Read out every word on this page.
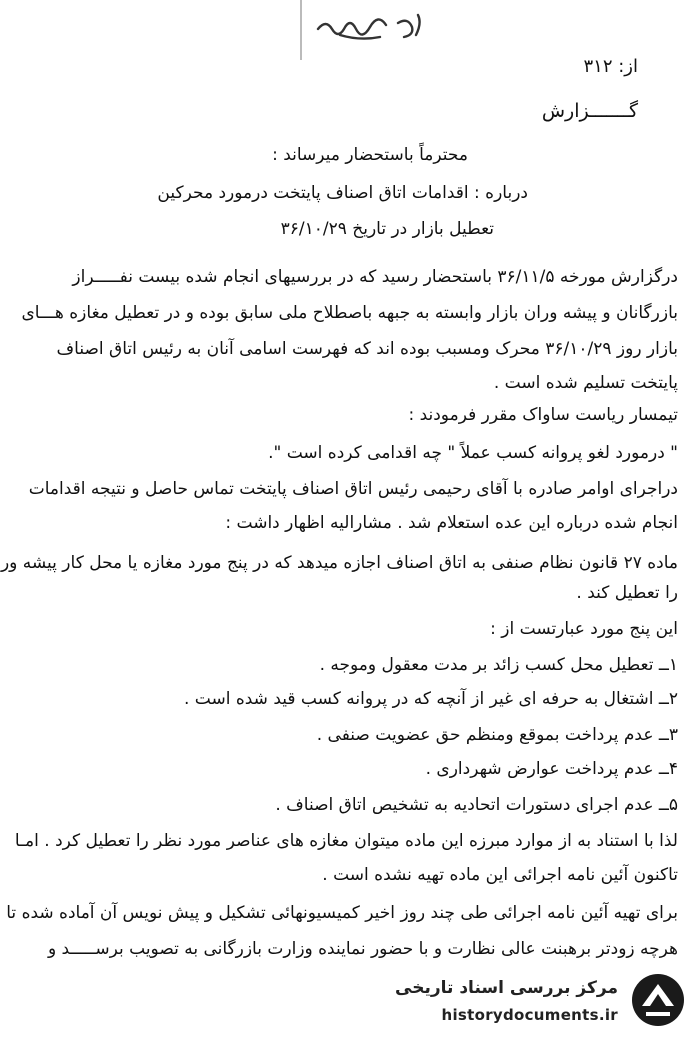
از: ۳۱۲
گـــــــزارش
محترماً باستحضار میرساند :
درباره : اقدامات اتاق اصناف پایتخت درمورد محرکین
تعطیل بازار در تاریخ ۳۶/۱۰/۲۹
درگزارش مورخه ۳۶/۱۱/۵ باستحضار رسید که در بررسیهای انجام شده بیست نفـــــراز
بازرگانان و پیشه وران بازار وابسته به جبهه باصطلاح ملی سابق بوده و در تعطیل مغازه هـــای
بازار روز ۳۶/۱۰/۲۹ محرک ومسبب بوده اند که فهرست اسامی آنان به رئیس اتاق اصناف
پایتخت تسلیم شده است .
تیمسار ریاست ساواک مقرر فرمودند :
" درمورد لغو پروانه کسب عملاً " چه اقدامی کرده است ".
دراجرای اوامر صادره با آقای رحیمی رئیس اتاق اصناف پایتخت تماس حاصل و نتیجه اقدامات
انجام شده درباره این عده استعلام شد . مشارالیه اظهار داشت :
ماده ۲۷ قانون نظام صنفی به اتاق اصناف اجازه میدهد که در پنج مورد مغازه یا محل کار پیشه ور
را تعطیل کند .
این پنج مورد عبارتست از :
۱ــ تعطیل محل کسب زائد بر مدت معقول وموجه .
۲ــ اشتغال به حرفه ای غیر از آنچه که در پروانه کسب قید شده است .
۳ــ عدم پرداخت بموقع ومنظم حق عضویت صنفی .
۴ــ عدم پرداخت عوارض شهرداری .
۵ــ عدم اجرای دستورات اتحادیه به تشخیص اتاق اصناف .
لذا با استناد به از موارد مبرزه این ماده میتوان مغازه های عناصر مورد نظر را تعطیل کرد . امـا
تاکنون آئین نامه اجرائی این ماده تهیه نشده است .
برای تهیه آئین نامه اجرائی طی چند روز اخیر کمیسیونهائی تشکیل و پیش نویس آن آماده شده تا
هرچه زودتر برهبنت عالی نظارت و با حضور نماینده وزارت بازرگانی به تصویب برســـــد و
مرکز بررسی اسناد تاریخی
historydocuments.ir
